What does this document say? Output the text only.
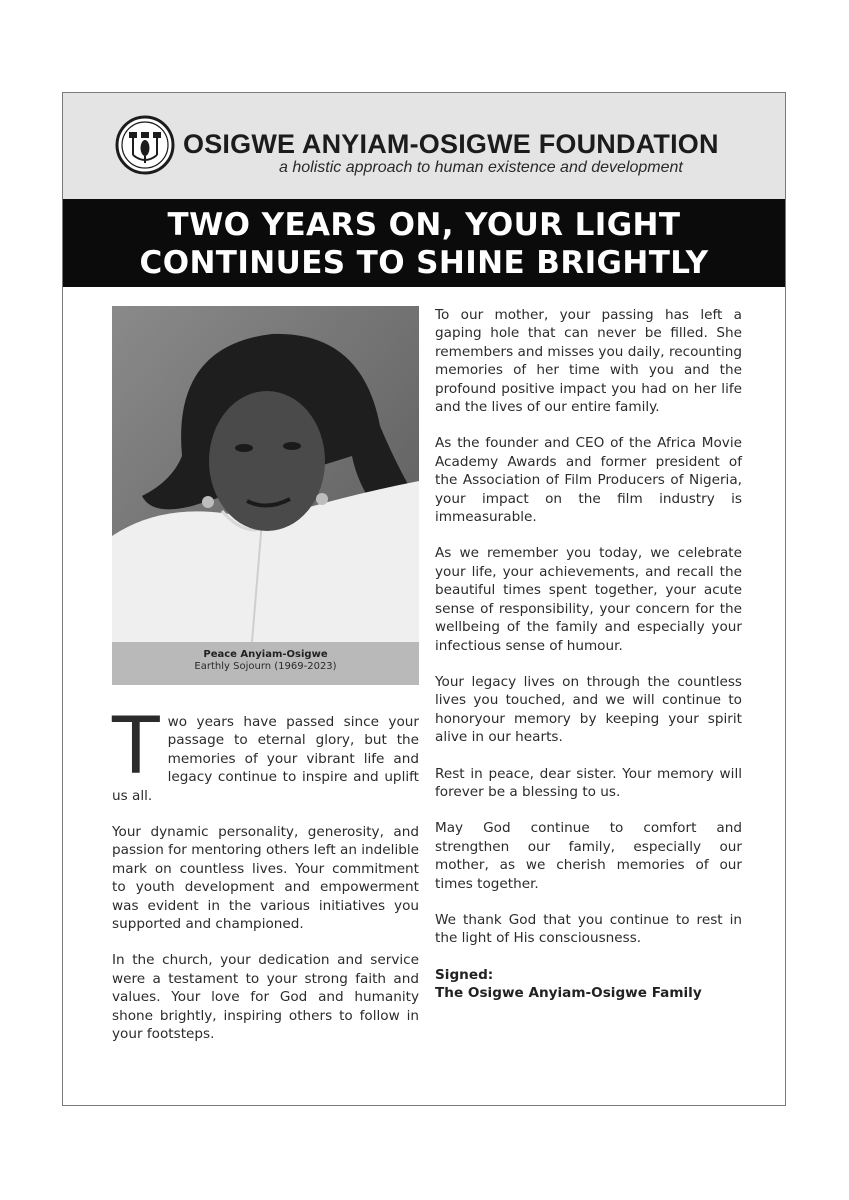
OSIGWE ANYIAM-OSIGWE FOUNDATION
a holistic approach to human existence and development
TWO YEARS ON, YOUR LIGHT
CONTINUES TO SHINE BRIGHTLY
Peace Anyiam-Osigwe
Earthly Sojourn (1969-2023)

Two years have passed since your passage to eternal glory, but the memories of your vibrant life and legacy continue to inspire and uplift us all.

Your dynamic personality, generosity, and passion for mentoring others left an indelible mark on countless lives. Your commitment to youth development and empowerment was evident in the various initiatives you supported and championed.

In the church, your dedication and service were a testament to your strong faith and values. Your love for God and humanity shone brightly, inspiring others to follow in your footsteps.

To our mother, your passing has left a gaping hole that can never be filled. She remembers and misses you daily, recounting memories of her time with you and the profound positive impact you had on her life and the lives of our entire family.

As the founder and CEO of the Africa Movie Academy Awards and former president of the Association of Film Producers of Nigeria, your impact on the film industry is immeasurable.

As we remember you today, we celebrate your life, your achievements, and recall the beautiful times spent together, your acute sense of responsibility, your concern for the wellbeing of the family and especially your infectious sense of humour.

Your legacy lives on through the countless lives you touched, and we will continue to honoryour memory by keeping your spirit alive in our hearts.

Rest in peace, dear sister. Your memory will forever be a blessing to us.

May God continue to comfort and strengthen our family, especially our mother, as we cherish memories of our times together.

We thank God that you continue to rest in the light of His consciousness.

Signed:
The Osigwe Anyiam-Osigwe Family
